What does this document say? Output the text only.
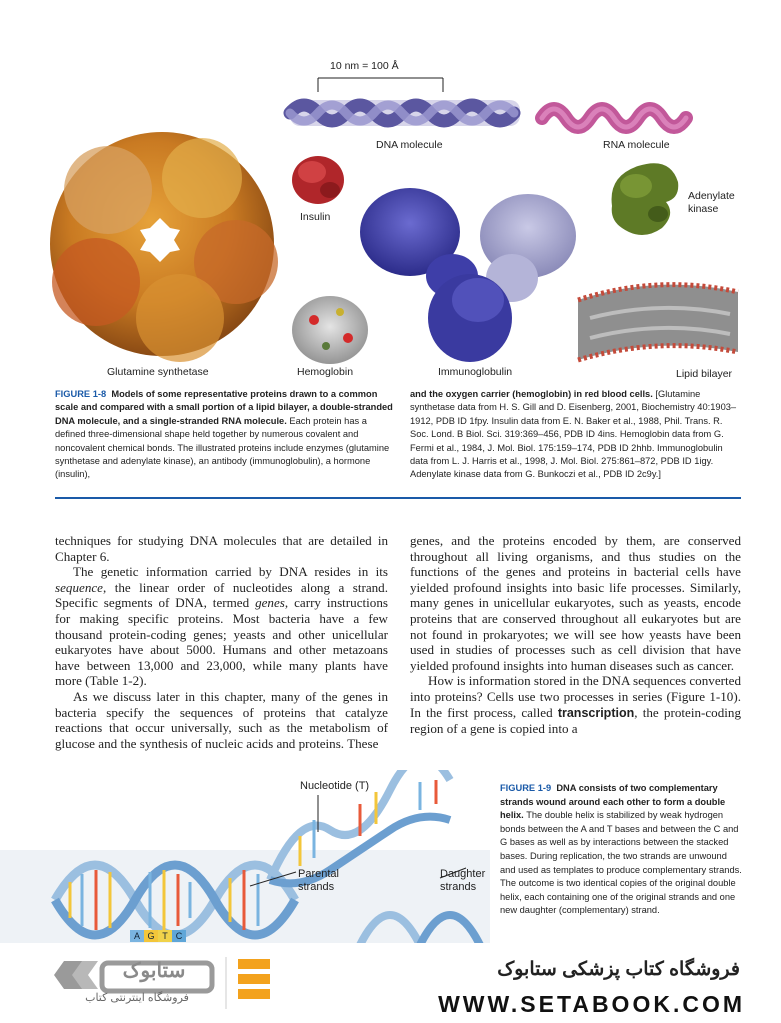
10 nm = 100 Å
DNA molecule	RNA molecule
Insulin
Adenylate kinase
Glutamine synthetase	Hemoglobin	Immunoglobulin	Lipid bilayer
FIGURE 1-8 Models of some representative proteins drawn to a common scale and compared with a small portion of a lipid bilayer, a double-stranded DNA molecule, and a single-stranded RNA molecule. Each protein has a defined three-dimensional shape held together by numerous covalent and noncovalent chemical bonds. The illustrated proteins include enzymes (glutamine synthetase and adenylate kinase), an antibody (immunoglobulin), a hormone (insulin),
and the oxygen carrier (hemoglobin) in red blood cells. [Glutamine synthetase data from H. S. Gill and D. Eisenberg, 2001, Biochemistry 40:1903–1912, PDB ID 1fpy. Insulin data from E. N. Baker et al., 1988, Phil. Trans. R. Soc. Lond. B Biol. Sci. 319:369–456, PDB ID 4ins. Hemoglobin data from G. Fermi et al., 1984, J. Mol. Biol. 175:159–174, PDB ID 2hhb. Immunoglobulin data from L. J. Harris et al., 1998, J. Mol. Biol. 275:861–872, PDB ID 1igy. Adenylate kinase data from G. Bunkoczi et al., PDB ID 2c9y.]

techniques for studying DNA molecules that are detailed in Chapter 6.

The genetic information carried by DNA resides in its sequence, the linear order of nucleotides along a strand. Specific segments of DNA, termed genes, carry instructions for making specific proteins. Most bacteria have a few thousand protein-coding genes; yeasts and other unicellular eukaryotes have about 5000. Humans and other metazoans have between 13,000 and 23,000, while many plants have more (Table 1-2).

As we discuss later in this chapter, many of the genes in bacteria specify the sequences of proteins that catalyze reactions that occur universally, such as the metabolism of glucose and the synthesis of nucleic acids and proteins. These

genes, and the proteins encoded by them, are conserved throughout all living organisms, and thus studies on the functions of the genes and proteins in bacterial cells have yielded profound insights into basic life processes. Similarly, many genes in unicellular eukaryotes, such as yeasts, encode proteins that are conserved throughout all eukaryotes but are not found in prokaryotes; we will see how yeasts have been used in studies of processes such as cell division that have yielded profound insights into human diseases such as cancer.

How is information stored in the DNA sequences converted into proteins? Cells use two processes in series (Figure 1-10). In the first process, called transcription, the protein-coding region of a gene is copied into a

Nucleotide (T)
Parental strands
Daughter strands
A G T C
FIGURE 1-9 DNA consists of two complementary strands wound around each other to form a double helix. The double helix is stabilized by weak hydrogen bonds between the A and T bases and between the C and G bases as well as by interactions between the stacked bases. During replication, the two strands are unwound and used as templates to produce complementary strands. The outcome is two identical copies of the original double helix, each containing one of the original strands and one new daughter (complementary) strand.
ستابوک
فروشگاه اینترنتی کتاب
فروشگاه کتاب پزشکی ستابوک
WWW.SETABOOK.COM
